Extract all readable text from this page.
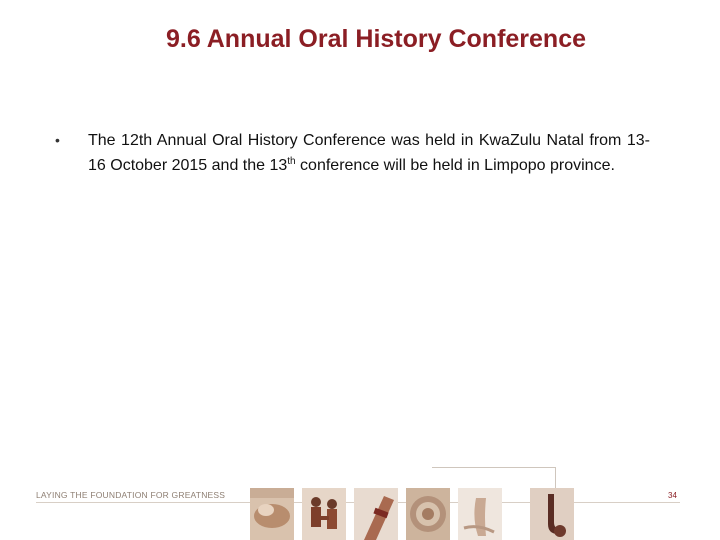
9.6 Annual Oral History Conference
• The 12th Annual Oral History Conference was held in KwaZulu Natal from 13-16 October 2015 and the 13th conference will be held in Limpopo province.
LAYING THE FOUNDATION FOR GREATNESS	34
